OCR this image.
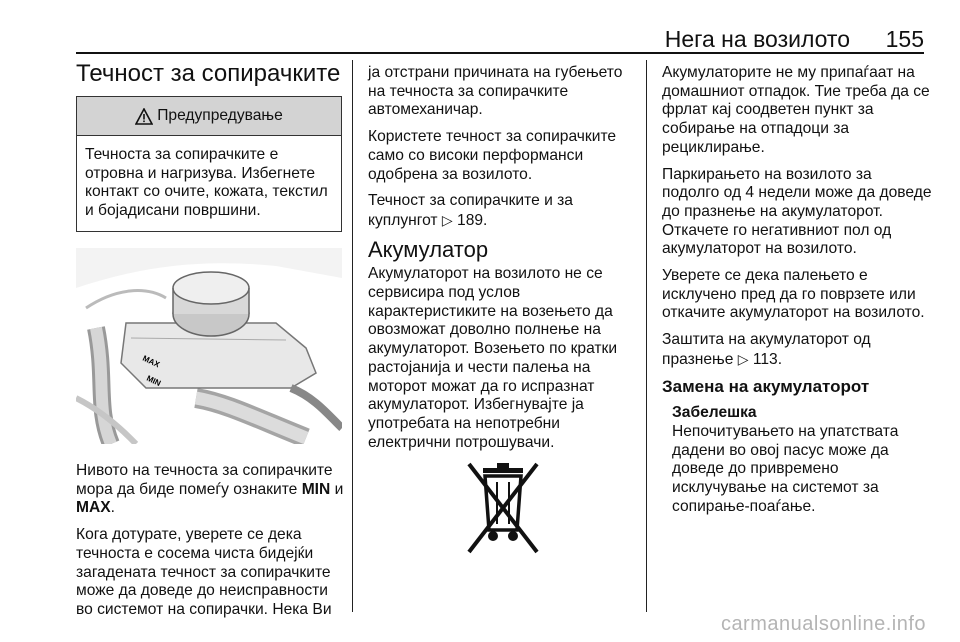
Нега на возилото 155
Течност за сопирачките
Предупредување
Течноста за сопирачките е отровна и нагризува. Избегнете контакт со очите, кожата, текстил и бојадисани површини.
MAX
MIN

Нивото на течноста за сопирачките мора да биде помеѓу ознаките MIN и MAX.

Кога дотурате, уверете се дека течноста е сосема чиста бидејќи загадената течност за сопирачките може да доведе до неисправности во системот на сопирачки. Нека Ви

ја отстрани причината на губењето на течноста за сопирачките автомеханичар.

Користете течност за сопирачките само со високи перформанси одобрена за возилото.

Течност за сопирачките и за куплунгот ▷ 189.

Акумулатор

Акумулаторот на возилото не се сервисира под услов карактеристиките на возењето да овозможат доволно полнење на акумулаторот. Возењето по кратки растојанија и чести палења на моторот можат да го испразнат акумулаторот. Избегнувајте ја употребата на непотребни електрични потрошувачи.

Акумулаторите не му припаѓаат на домашниот отпадок. Тие треба да се фрлат кај соодветен пункт за собирање на отпадоци за рециклирање.

Паркирањето на возилото за подолго од 4 недели може да доведе до празнење на акумулаторот. Откачете го негативниот пол од акумулаторот на возилото.

Уверете се дека палењето е исклучено пред да го поврзете или откачите акумулаторот на возилото.

Заштита на акумулаторот од празнење ▷ 113.

Замена на акумулаторот
Забелешка
Непочитувањето на упатствата дадени во овој пасус може да доведе до привремено исклучување на системот за сопирање-поаѓање.
carmanualsonline.info
